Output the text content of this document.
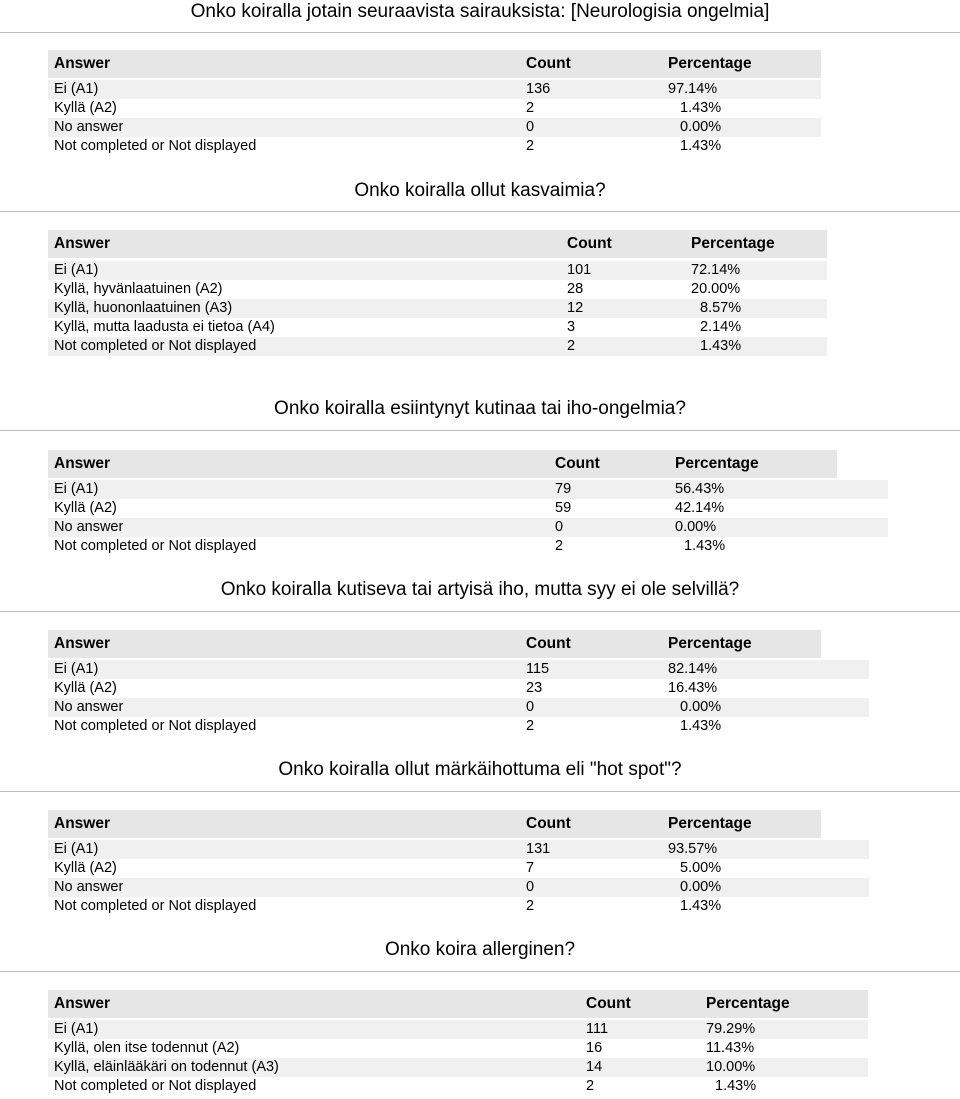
Onko koiralla jotain seuraavista sairauksista: [Neurologisia ongelmia]
Answer	Count	Percentage
Ei (A1)	136	97.14%
Kyllä (A2)	2	1.43%
No answer	0	0.00%
Not completed or Not displayed	2	1.43%
Onko koiralla ollut kasvaimia?
Answer	Count	Percentage
Ei (A1)	101	72.14%
Kyllä, hyvänlaatuinen (A2)	28	20.00%
Kyllä, huononlaatuinen (A3)	12	8.57%
Kyllä, mutta laadusta ei tietoa (A4)	3	2.14%
Not completed or Not displayed	2	1.43%
Onko koiralla esiintynyt kutinaa tai iho-ongelmia?
Answer	Count	Percentage
Ei (A1)	79	56.43%
Kyllä (A2)	59	42.14%
No answer	0	0.00%
Not completed or Not displayed	2	1.43%
Onko koiralla kutiseva tai artyisä iho, mutta syy ei ole selvillä?
Answer	Count	Percentage
Ei (A1)	115	82.14%
Kyllä (A2)	23	16.43%
No answer	0	0.00%
Not completed or Not displayed	2	1.43%
Onko koiralla ollut märkäihottuma eli "hot spot"?
Answer	Count	Percentage
Ei (A1)	131	93.57%
Kyllä (A2)	7	5.00%
No answer	0	0.00%
Not completed or Not displayed	2	1.43%
Onko koira allerginen?
Answer	Count	Percentage
Ei (A1)	111	79.29%
Kyllä, olen itse todennut (A2)	16	11.43%
Kyllä, eläinlääkäri on todennut (A3)	14	10.00%
Not completed or Not displayed	2	1.43%
